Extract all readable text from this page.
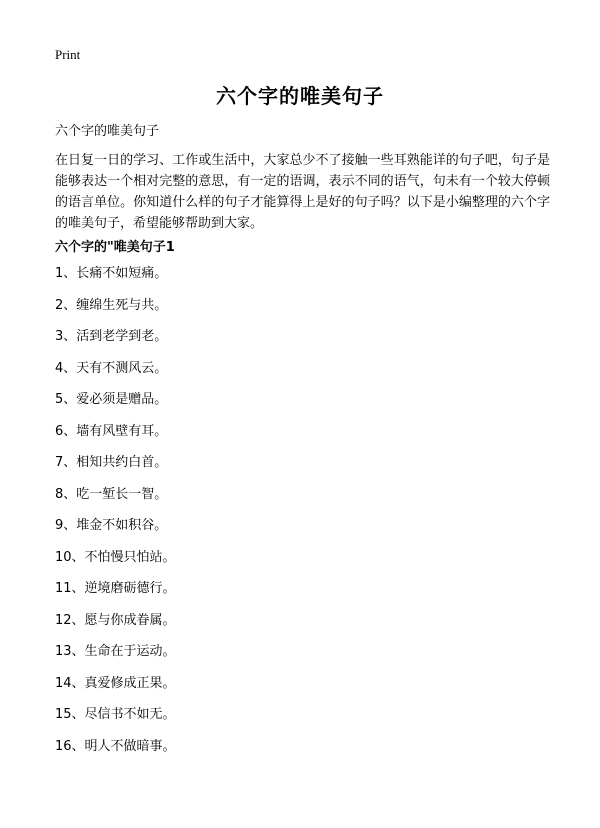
Print
六个字的唯美句子
六个字的唯美句子

在日复一日的学习、工作或生活中，大家总少不了接触一些耳熟能详的句子吧，句子是能够表达一个相对完整的意思，有一定的语调，表示不同的语气，句未有一个较大停顿的语言单位。你知道什么样的句子才能算得上是好的句子吗？以下是小编整理的六个字的唯美句子，希望能够帮助到大家。

六个字的"唯美句子1
1、长痛不如短痛。
2、缠绵生死与共。
3、活到老学到老。
4、天有不测风云。
5、爱必须是赠品。
6、墙有风壁有耳。
7、相知共约白首。
8、吃一堑长一智。
9、堆金不如积谷。
10、不怕慢只怕站。
11、逆境磨砺德行。
12、愿与你成眷属。
13、生命在于运动。
14、真爱修成正果。
15、尽信书不如无。
16、明人不做暗事。
